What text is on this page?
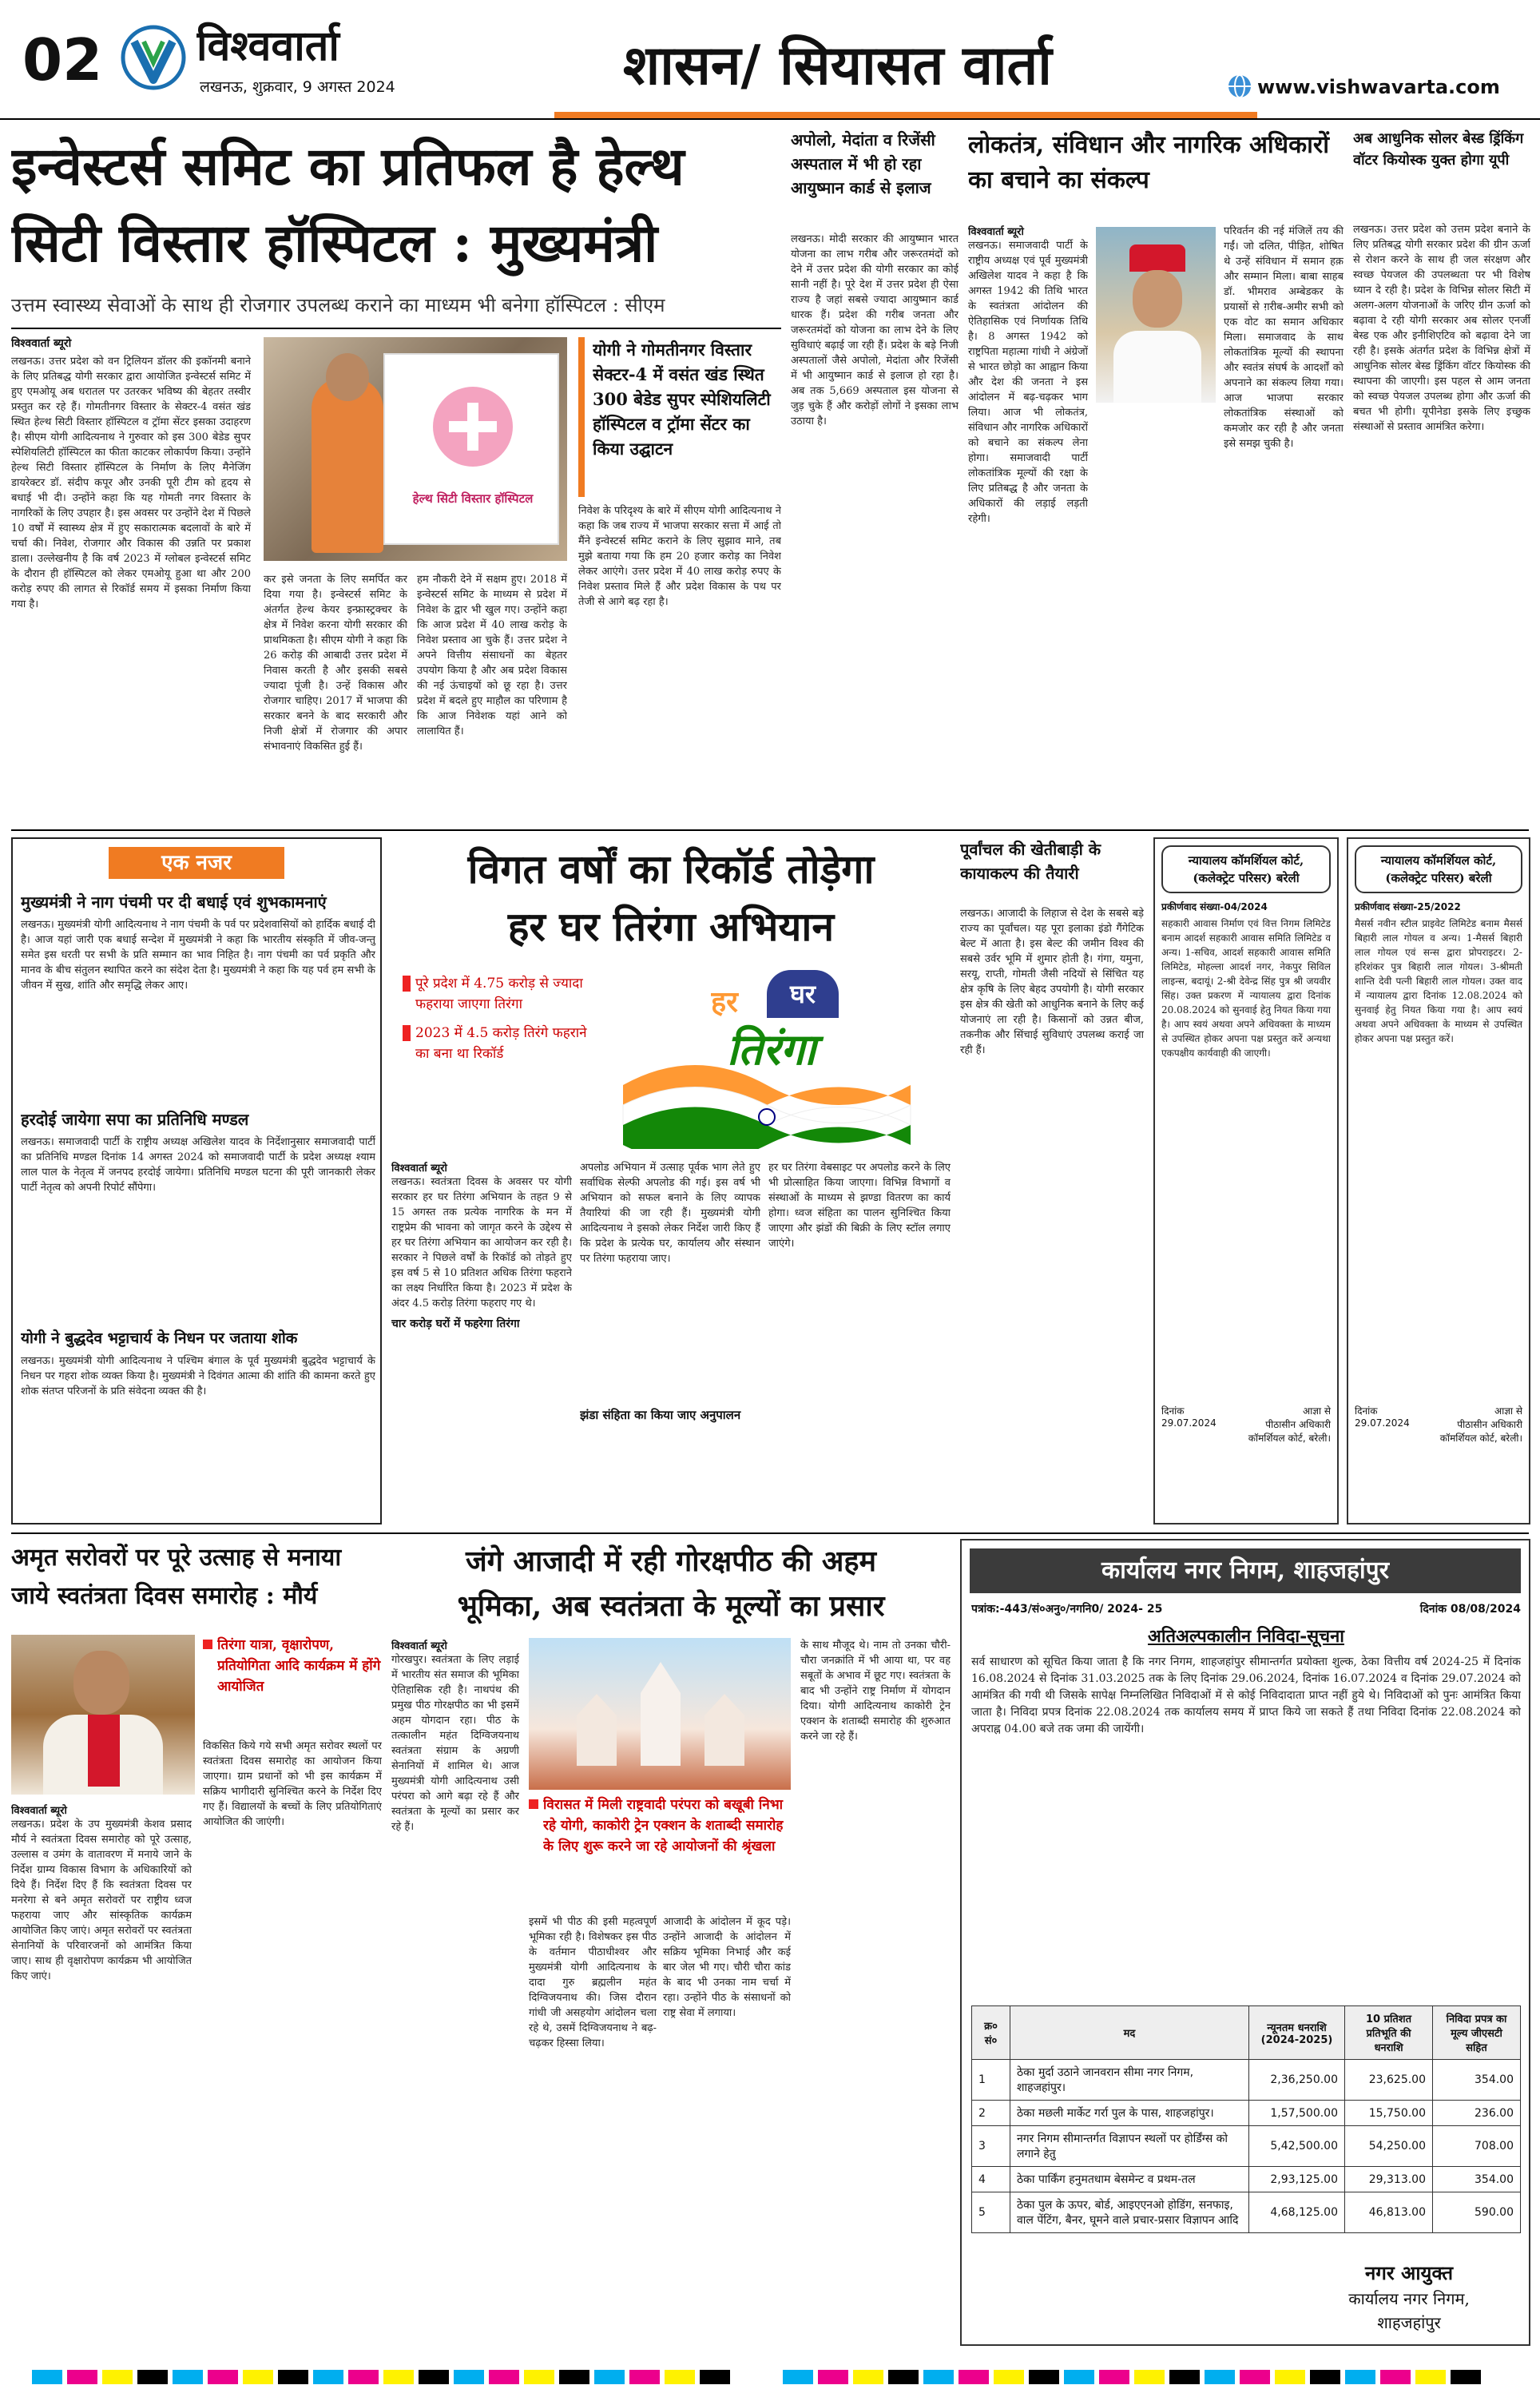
02	विश्ववार्ता
लखनऊ, शुक्रवार, 9 अगस्त 2024	शासन/ सियासत वार्ता	www.vishwavarta.com
इन्वेस्टर्स समिट का प्रतिफल है हेल्थ
सिटी विस्तार हॉस्पिटल : मुख्यमंत्री
उत्तम स्वास्थ्य सेवाओं के साथ ही रोजगार उपलब्ध कराने का माध्यम भी बनेगा हॉस्पिटल : सीएम
विश्ववार्ता ब्यूरो
लखनऊ। उत्तर प्रदेश को वन ट्रिलियन डॉलर की इकॉनमी बनाने के लिए प्रतिबद्ध योगी सरकार द्वारा आयोजित इन्वेस्टर्स समिट में हुए एमओयू अब धरातल पर उतरकर भविष्य की बेहतर तस्वीर प्रस्तुत कर रहे हैं। गोमतीनगर विस्तार के सेक्टर-4 वसंत खंड स्थित हेल्थ सिटी विस्तार हॉस्पिटल व ट्रॉमा सेंटर इसका उदाहरण है। सीएम योगी आदित्यनाथ ने गुरुवार को इस 300 बेडेड सुपर स्पेशियलिटी हॉस्पिटल का फीता काटकर लोकार्पण किया। उन्होंने हेल्थ सिटी विस्तार हॉस्पिटल के निर्माण के लिए मैनेजिंग डायरेक्टर डॉ. संदीप कपूर और उनकी पूरी टीम को हृदय से बधाई भी दी। उन्होंने कहा कि यह गोमती नगर विस्तार के नागरिकों के लिए उपहार है। इस अवसर पर उन्होंने देश में पिछले 10 वर्षों में स्वास्थ्य क्षेत्र में हुए सकारात्मक बदलावों के बारे में चर्चा की। निवेश, रोजगार और विकास की उन्नति पर प्रकाश डाला। उल्लेखनीय है कि वर्ष 2023 में ग्लोबल इन्वेस्टर्स समिट के दौरान ही हॉस्पिटल को लेकर एमओयू हुआ था और 200 करोड़ रुपए की लागत से रिकॉर्ड समय में इसका निर्माण किया गया है।
हेल्थ सिटी विस्तार हॉस्पिटल
योगी ने गोमतीनगर विस्तार सेक्टर-4 में वसंत खंड स्थित 300 बेडेड सुपर स्पेशियलिटी हॉस्पिटल व ट्रॉमा सेंटर का किया उद्घाटन
कर इसे जनता के लिए समर्पित कर दिया गया है। इन्वेस्टर्स समिट के अंतर्गत हेल्थ केयर इन्फ्रास्ट्रक्चर के क्षेत्र में निवेश करना योगी सरकार की प्राथमिकता है। सीएम योगी ने कहा कि 26 करोड़ की आबादी उत्तर प्रदेश में निवास करती है और इसकी सबसे ज्यादा पूंजी है। उन्हें विकास और रोजगार चाहिए। 2017 में भाजपा की सरकार बनने के बाद सरकारी और निजी क्षेत्रों में रोजगार की अपार संभावनाएं विकसित हुई हैं।
हम नौकरी देने में सक्षम हुए। 2018 में इन्वेस्टर्स समिट के माध्यम से प्रदेश में निवेश के द्वार भी खुल गए। उन्होंने कहा कि आज प्रदेश में 40 लाख करोड़ के निवेश प्रस्ताव आ चुके हैं। उत्तर प्रदेश ने अपने वित्तीय संसाधनों का बेहतर उपयोग किया है और अब प्रदेश विकास की नई ऊंचाइयों को छू रहा है। उत्तर प्रदेश में बदले हुए माहौल का परिणाम है कि आज निवेशक यहां आने को लालायित हैं।
निवेश के परिदृश्य के बारे में सीएम योगी आदित्यनाथ ने कहा कि जब राज्य में भाजपा सरकार सत्ता में आई तो मैंने इन्वेस्टर्स समिट कराने के लिए सुझाव माने, तब मुझे बताया गया कि हम 20 हजार करोड़ का निवेश लेकर आएंगे। उत्तर प्रदेश में 40 लाख करोड़ रुपए के निवेश प्रस्ताव मिले हैं और प्रदेश विकास के पथ पर तेजी से आगे बढ़ रहा है।
अपोलो, मेदांता व रिजेंसी अस्पताल में भी हो रहा आयुष्मान कार्ड से इलाज
लखनऊ। मोदी सरकार की आयुष्मान भारत योजना का लाभ गरीब और जरूरतमंदों को देने में उत्तर प्रदेश की योगी सरकार का कोई सानी नहीं है। पूरे देश में उत्तर प्रदेश ही ऐसा राज्य है जहां सबसे ज्यादा आयुष्मान कार्ड धारक हैं। प्रदेश की गरीब जनता और जरूरतमंदों को योजना का लाभ देने के लिए सुविधाएं बढ़ाई जा रही हैं। प्रदेश के बड़े निजी अस्पतालों जैसे अपोलो, मेदांता और रिजेंसी में भी आयुष्मान कार्ड से इलाज हो रहा है। अब तक 5,669 अस्पताल इस योजना से जुड़ चुके हैं और करोड़ों लोगों ने इसका लाभ उठाया है।
लोकतंत्र, संविधान और नागरिक अधिकारों का बचाने का संकल्प
विश्ववार्ता ब्यूरो
लखनऊ। समाजवादी पार्टी के राष्ट्रीय अध्यक्ष एवं पूर्व मुख्यमंत्री अखिलेश यादव ने कहा है कि अगस्त 1942 की तिथि भारत के स्वतंत्रता आंदोलन की ऐतिहासिक एवं निर्णायक तिथि है। 8 अगस्त 1942 को राष्ट्रपिता महात्मा गांधी ने अंग्रेजों से भारत छोड़ो का आह्वान किया और देश की जनता ने इस आंदोलन में बढ़-चढ़कर भाग लिया। आज भी लोकतंत्र, संविधान और नागरिक अधिकारों को बचाने का संकल्प लेना होगा। समाजवादी पार्टी लोकतांत्रिक मूल्यों की रक्षा के लिए प्रतिबद्ध है और जनता के अधिकारों की लड़ाई लड़ती रहेगी।
परिवर्तन की नई मंजिलें तय की गईं। जो दलित, पीड़ित, शोषित थे उन्हें संविधान में समान हक़ और सम्मान मिला। बाबा साहब डॉ. भीमराव अम्बेडकर के प्रयासों से ग़रीब-अमीर सभी को एक वोट का समान अधिकार मिला। समाजवाद के साथ लोकतांत्रिक मूल्यों की स्थापना और स्वतंत्र संघर्ष के आदर्शों को अपनाने का संकल्प लिया गया। आज भाजपा सरकार लोकतांत्रिक संस्थाओं को कमजोर कर रही है और जनता इसे समझ चुकी है।
अब आधुनिक सोलर बेस्ड ड्रिंकिंग वॉटर कियोस्क युक्त होगा यूपी
लखनऊ। उत्तर प्रदेश को उत्तम प्रदेश बनाने के लिए प्रतिबद्ध योगी सरकार प्रदेश की ग्रीन ऊर्जा से रोशन करने के साथ ही जल संरक्षण और स्वच्छ पेयजल की उपलब्धता पर भी विशेष ध्यान दे रही है। प्रदेश के विभिन्न सोलर सिटी में अलग-अलग योजनाओं के जरिए ग्रीन ऊर्जा को बढ़ावा दे रही योगी सरकार अब सोलर एनर्जी बेस्ड एक और इनीशिएटिव को बढ़ावा देने जा रही है। इसके अंतर्गत प्रदेश के विभिन्न क्षेत्रों में आधुनिक सोलर बेस्ड ड्रिंकिंग वॉटर कियोस्क की स्थापना की जाएगी। इस पहल से आम जनता को स्वच्छ पेयजल उपलब्ध होगा और ऊर्जा की बचत भी होगी। यूपीनेडा इसके लिए इच्छुक संस्थाओं से प्रस्ताव आमंत्रित करेगा।
एक नजर
मुख्यमंत्री ने नाग पंचमी पर दी बधाई एवं शुभकामनाएं
लखनऊ। मुख्यमंत्री योगी आदित्यनाथ ने नाग पंचमी के पर्व पर प्रदेशवासियों को हार्दिक बधाई दी है। आज यहां जारी एक बधाई सन्देश में मुख्यमंत्री ने कहा कि भारतीय संस्कृति में जीव-जन्तु समेत इस धरती पर सभी के प्रति सम्मान का भाव निहित है। नाग पंचमी का पर्व प्रकृति और मानव के बीच संतुलन स्थापित करने का संदेश देता है। मुख्यमंत्री ने कहा कि यह पर्व हम सभी के जीवन में सुख, शांति और समृद्धि लेकर आए।
हरदोई जायेगा सपा का प्रतिनिधि मण्डल
लखनऊ। समाजवादी पार्टी के राष्ट्रीय अध्यक्ष अखिलेश यादव के निर्देशानुसार समाजवादी पार्टी का प्रतिनिधि मण्डल दिनांक 14 अगस्त 2024 को समाजवादी पार्टी के प्रदेश अध्यक्ष श्याम लाल पाल के नेतृत्व में जनपद हरदोई जायेगा। प्रतिनिधि मण्डल घटना की पूरी जानकारी लेकर पार्टी नेतृत्व को अपनी रिपोर्ट सौंपेगा।
योगी ने बुद्धदेव भट्टाचार्य के निधन पर जताया शोक
लखनऊ। मुख्यमंत्री योगी आदित्यनाथ ने पश्चिम बंगाल के पूर्व मुख्यमंत्री बुद्धदेव भट्टाचार्य के निधन पर गहरा शोक व्यक्त किया है। मुख्यमंत्री ने दिवंगत आत्मा की शांति की कामना करते हुए शोक संतप्त परिजनों के प्रति संवेदना व्यक्त की है।
विगत वर्षों का रिकॉर्ड तोड़ेगा
हर घर तिरंगा अभियान
पूरे प्रदेश में 4.75 करोड़ से ज्यादा फहराया जाएगा तिरंगा
2023 में 4.5 करोड़ तिरंगे फहराने का बना था रिकॉर्ड
हर	घर
तिरंगा
विश्ववार्ता ब्यूरो
लखनऊ। स्वतंत्रता दिवस के अवसर पर योगी सरकार हर घर तिरंगा अभियान के तहत 9 से 15 अगस्त तक प्रत्येक नागरिक के मन में राष्ट्रप्रेम की भावना को जागृत करने के उद्देश्य से हर घर तिरंगा अभियान का आयोजन कर रही है। सरकार ने पिछले वर्षों के रिकॉर्ड को तोड़ते हुए इस वर्ष 5 से 10 प्रतिशत अधिक तिरंगा फहराने का लक्ष्य निर्धारित किया है। 2023 में प्रदेश के अंदर 4.5 करोड़ तिरंगा फहराए गए थे।
चार करोड़ घरों में फहरेगा तिरंगा
अपलोड अभियान में उत्साह पूर्वक भाग लेते हुए सर्वाधिक सेल्फी अपलोड की गई। इस वर्ष भी अभियान को सफल बनाने के लिए व्यापक तैयारियां की जा रही हैं। मुख्यमंत्री योगी आदित्यनाथ ने इसको लेकर निर्देश जारी किए हैं कि प्रदेश के प्रत्येक घर, कार्यालय और संस्थान पर तिरंगा फहराया जाए।
झंडा संहिता का किया जाए अनुपालन
हर घर तिरंगा वेबसाइट पर अपलोड करने के लिए भी प्रोत्साहित किया जाएगा। विभिन्न विभागों व संस्थाओं के माध्यम से झण्डा वितरण का कार्य होगा। ध्वज संहिता का पालन सुनिश्चित किया जाएगा और झंडों की बिक्री के लिए स्टॉल लगाए जाएंगे।
पूर्वांचल की खेतीबाड़ी के कायाकल्प की तैयारी
लखनऊ। आजादी के लिहाज से देश के सबसे बड़े राज्य का पूर्वांचल। यह पूरा इलाका इंडो गैंगेटिक बेल्ट में आता है। इस बेल्ट की जमीन विश्व की सबसे उर्वर भूमि में शुमार होती है। गंगा, यमुना, सरयू, राप्ती, गोमती जैसी नदियों से सिंचित यह क्षेत्र कृषि के लिए बेहद उपयोगी है। योगी सरकार इस क्षेत्र की खेती को आधुनिक बनाने के लिए कई योजनाएं ला रही है। किसानों को उन्नत बीज, तकनीक और सिंचाई सुविधाएं उपलब्ध कराई जा रही हैं।
न्यायालय कॉमर्शियल कोर्ट, (कलेक्ट्रेट परिसर) बरेली
प्रकीर्णवाद संख्या-04/2024
सहकारी आवास निर्माण एवं वित्त निगम लिमिटेड बनाम आदर्श सहकारी आवास समिति लिमिटेड व अन्य। 1-सचिव, आदर्श सहकारी आवास समिति लिमिटेड, मोहल्ला आदर्श नगर, नेकपुर सिविल लाइन्स, बदायूं। 2-श्री देवेन्द्र सिंह पुत्र श्री जयवीर सिंह। उक्त प्रकरण में न्यायालय द्वारा दिनांक 20.08.2024 को सुनवाई हेतु नियत किया गया है। आप स्वयं अथवा अपने अधिवक्ता के माध्यम से उपस्थित होकर अपना पक्ष प्रस्तुत करें अन्यथा एकपक्षीय कार्यवाही की जाएगी।
दिनांक 29.07.2024
आज्ञा से
पीठासीन अधिकारी कॉमर्शियल कोर्ट, बरेली।
न्यायालय कॉमर्शियल कोर्ट, (कलेक्ट्रेट परिसर) बरेली
प्रकीर्णवाद संख्या-25/2022
मैसर्स नवीन स्टील प्राइवेट लिमिटेड बनाम मैसर्स बिहारी लाल गोयल व अन्य। 1-मैसर्स बिहारी लाल गोयल एवं सन्स द्वारा प्रोपराइटर। 2-हरिशंकर पुत्र बिहारी लाल गोयल। 3-श्रीमती शान्ति देवी पत्नी बिहारी लाल गोयल। उक्त वाद में न्यायालय द्वारा दिनांक 12.08.2024 को सुनवाई हेतु नियत किया गया है। आप स्वयं अथवा अपने अधिवक्ता के माध्यम से उपस्थित होकर अपना पक्ष प्रस्तुत करें।
दिनांक 29.07.2024
आज्ञा से
पीठासीन अधिकारी कॉमर्शियल कोर्ट, बरेली।
अमृत सरोवरों पर पूरे उत्साह से मनाया जाये स्वतंत्रता दिवस समारोह : मौर्य
तिरंगा यात्रा, वृक्षारोपण, प्रतियोगिता आदि कार्यक्रम में होंगे आयोजित
विश्ववार्ता ब्यूरो
लखनऊ। प्रदेश के उप मुख्यमंत्री केशव प्रसाद मौर्य ने स्वतंत्रता दिवस समारोह को पूरे उत्साह, उल्लास व उमंग के वातावरण में मनाये जाने के निर्देश ग्राम्य विकास विभाग के अधिकारियों को दिये हैं। निर्देश दिए हैं कि स्वतंत्रता दिवस पर मनरेगा से बने अमृत सरोवरों पर राष्ट्रीय ध्वज फहराया जाए और सांस्कृतिक कार्यक्रम आयोजित किए जाएं। अमृत सरोवरों पर स्वतंत्रता सेनानियों के परिवारजनों को आमंत्रित किया जाए। साथ ही वृक्षारोपण कार्यक्रम भी आयोजित किए जाएं।
विकसित किये गये सभी अमृत सरोवर स्थलों पर स्वतंत्रता दिवस समारोह का आयोजन किया जाएगा। ग्राम प्रधानों को भी इस कार्यक्रम में सक्रिय भागीदारी सुनिश्चित करने के निर्देश दिए गए हैं। विद्यालयों के बच्चों के लिए प्रतियोगिताएं आयोजित की जाएंगी।
जंगे आजादी में रही गोरक्षपीठ की अहम
भूमिका, अब स्वतंत्रता के मूल्यों का प्रसार
विश्ववार्ता ब्यूरो
गोरखपुर। स्वतंत्रता के लिए लड़ाई में भारतीय संत समाज की भूमिका ऐतिहासिक रही है। नाथपंथ की प्रमुख पीठ गोरक्षपीठ का भी इसमें अहम योगदान रहा। पीठ के तत्कालीन महंत दिग्विजयनाथ स्वतंत्रता संग्राम के अग्रणी सेनानियों में शामिल थे। आज मुख्यमंत्री योगी आदित्यनाथ उसी परंपरा को आगे बढ़ा रहे हैं और स्वतंत्रता के मूल्यों का प्रसार कर रहे हैं।
विरासत में मिली राष्ट्रवादी परंपरा को बखूबी निभा रहे योगी, काकोरी ट्रेन एक्शन के शताब्दी समारोह के लिए शुरू करने जा रहे आयोजनों की श्रृंखला
इसमें भी पीठ की इसी महत्वपूर्ण भूमिका रही है। विशेषकर इस पीठ के वर्तमान पीठाधीश्वर और मुख्यमंत्री योगी आदित्यनाथ के दादा गुरु ब्रह्मलीन महंत दिग्विजयनाथ की। जिस दौरान गांधी जी असहयोग आंदोलन चला रहे थे, उसमें दिग्विजयनाथ ने बढ़-चढ़कर हिस्सा लिया।
आजादी के आंदोलन में कूद पड़े। उन्होंने आजादी के आंदोलन में सक्रिय भूमिका निभाई और कई बार जेल भी गए। चौरी चौरा कांड के बाद भी उनका नाम चर्चा में रहा। उन्होंने पीठ के संसाधनों को राष्ट्र सेवा में लगाया।
के साथ मौजूद थे। नाम तो उनका चौरी-चौरा जनक्रांति में भी आया था, पर वह सबूतों के अभाव में छूट गए। स्वतंत्रता के बाद भी उन्होंने राष्ट्र निर्माण में योगदान दिया। योगी आदित्यनाथ काकोरी ट्रेन एक्शन के शताब्दी समारोह की शुरुआत करने जा रहे हैं।
कार्यालय नगर निगम, शाहजहांपुर
पत्रांक:-443/सं०अनु०/नगनि0/ 2024- 25	दिनांक 08/08/2024
अतिअल्पकालीन निविदा-सूचना
सर्व साधारण को सूचित किया जाता है कि नगर निगम, शाहजहांपुर सीमान्तर्गत प्रयोक्ता शुल्क, ठेका वित्तीय वर्ष 2024-25 में दिनांक 16.08.2024 से दिनांक 31.03.2025 तक के लिए दिनांक 29.06.2024, दिनांक 16.07.2024 व दिनांक 29.07.2024 को आमंत्रित की गयी थी जिसके सापेक्ष निम्नलिखित निविदाओं में से कोई निविदादाता प्राप्त नहीं हुये थे। निविदाओं को पुनः आमंत्रित किया जाता है। निविदा प्रपत्र दिनांक 22.08.2024 तक कार्यालय समय में प्राप्त किये जा सकते हैं तथा निविदा दिनांक 22.08.2024 को अपराह्न 04.00 बजे तक जमा की जायेंगी।
क्र० सं०	मद	न्यूनतम धनराशि (2024-2025)	10 प्रतिशत प्रतिभूति की धनराशि	निविदा प्रपत्र का मूल्य जीएसटी सहित
1	ठेका मुर्दा उठाने जानवरान सीमा नगर निगम, शाहजहांपुर।	2,36,250.00	23,625.00	354.00
2	ठेका मछली मार्केट गर्रा पुल के पास, शाहजहांपुर।	1,57,500.00	15,750.00	236.00
3	नगर निगम सीमान्तर्गत विज्ञापन स्थलों पर होर्डिंग्स को लगाने हेतु	5,42,500.00	54,250.00	708.00
4	ठेका पार्किंग हनुमतधाम बेसमेन्ट व प्रथम-तल	2,93,125.00	29,313.00	354.00
5	ठेका पुल के ऊपर, बोर्ड, आइएएनओ होडिंग, सनफाइ, वाल पेंटिंग, बैनर, घूमने वाले प्रचार-प्रसार विज्ञापन आदि	4,68,125.00	46,813.00	590.00
नगर आयुक्त
कार्यालय नगर निगम,
शाहजहांपुर
